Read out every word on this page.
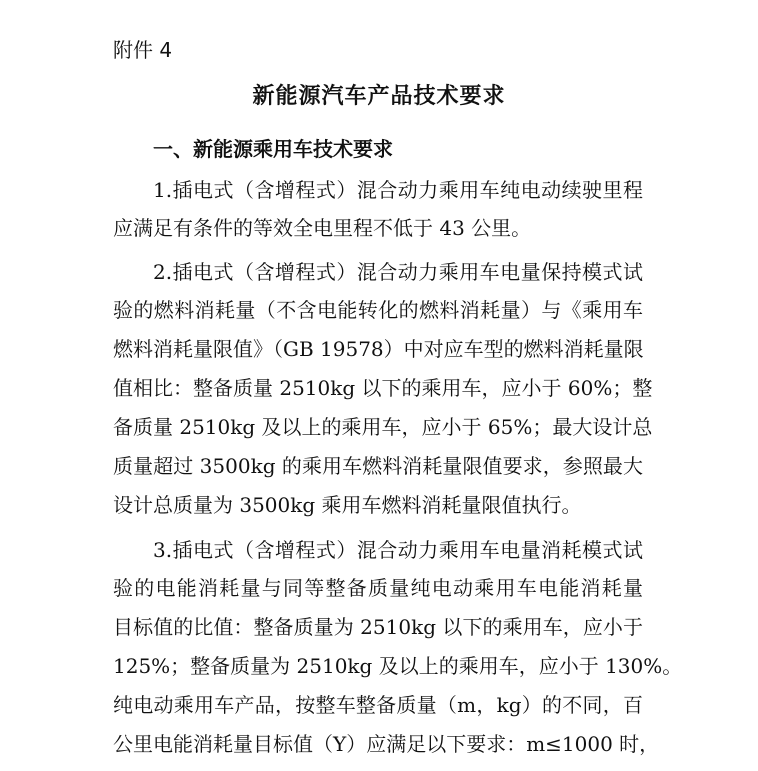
附件 4

新能源汽车产品技术要求
一、新能源乘用车技术要求

1.插电式（含增程式）混合动力乘用车纯电动续驶里程

应满足有条件的等效全电里程不低于 43 公里。

2.插电式（含增程式）混合动力乘用车电量保持模式试

验的燃料消耗量（不含电能转化的燃料消耗量）与《乘用车

燃料消耗量限值》（GB 19578）中对应车型的燃料消耗量限

值相比：整备质量 2510kg 以下的乘用车，应小于 60%；整

备质量 2510kg 及以上的乘用车，应小于 65%；最大设计总

质量超过 3500kg 的乘用车燃料消耗量限值要求，参照最大

设计总质量为 3500kg 乘用车燃料消耗量限值执行。

3.插电式（含增程式）混合动力乘用车电量消耗模式试

验的电能消耗量与同等整备质量纯电动乘用车电能消耗量

目标值的比值：整备质量为 2510kg 以下的乘用车，应小于

125%；整备质量为 2510kg 及以上的乘用车，应小于 130%。

纯电动乘用车产品，按整车整备质量（m，kg）的不同，百

公里电能消耗量目标值（Y）应满足以下要求：m≤1000 时，
